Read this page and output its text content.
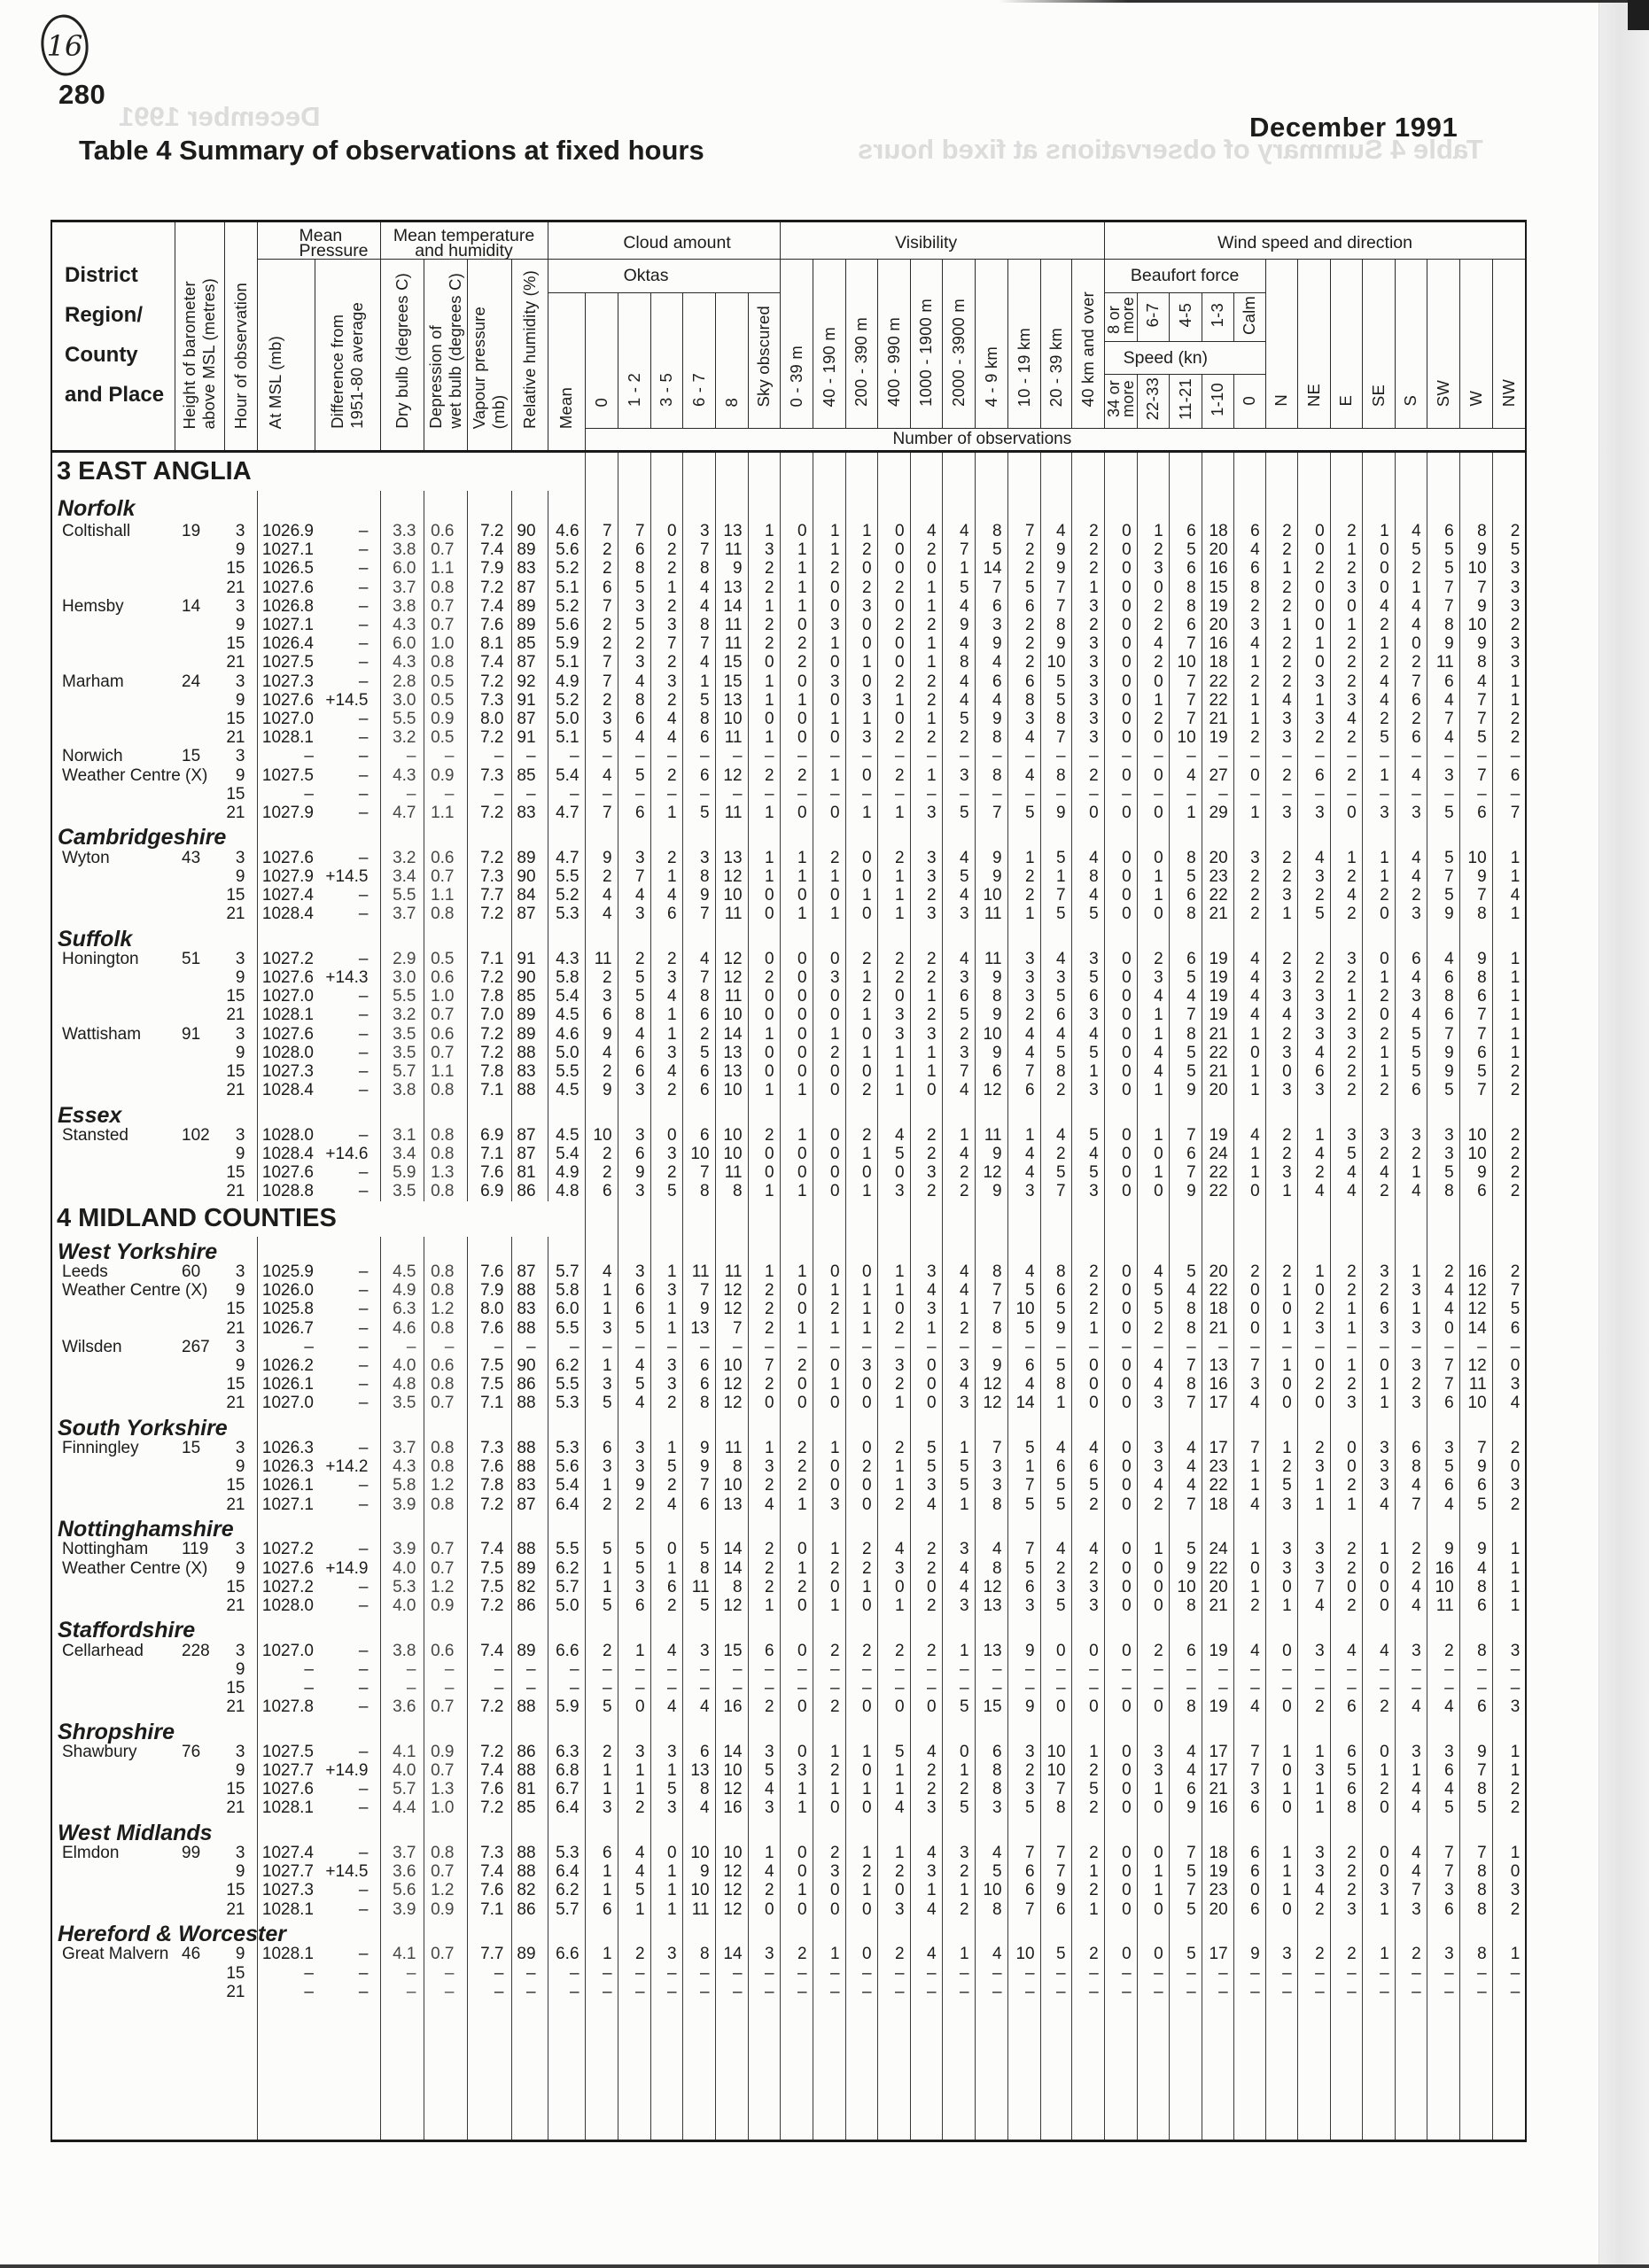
December 1991
Table 4 Summary of observations at fixed hours
16
280
Table 4 Summary of observations at fixed hours
December 1991
District
Region/
County
and Place	Height of barometer above MSL (metres)	Hour of observation

Mean
Pressure

Mean temperature
and humidity	Cloud amount	Visibility	Wind speed and direction

			At MSL (mb)	Difference from 1951-80 average	Dry bulb (degrees C)	Depression of wet bulb (degrees C)	Vapour pressure (mb)	Relative humidity (%)	Oktas							0 - 39 m	40 - 190 m	200 - 390 m	400 - 990 m	1000 - 1900 m	2000 - 3900 m	4 - 9 km	10 - 19 km	20 - 39 km	40 km and over	Beaufort force					N	NE	E	SE	S	SW	W	NW

									Mean	0	1 - 2	3 - 5	6 - 7	8	Sky obscured											8 or
more	6-7	4-5	1-3	Calm								

																										Speed (kn)												

																										34 or
more	22-33	11-21	1-10	0								

										Number of observations																												
3 EAST ANGLIA																																						
Norfolk																																						
Coltishall	19	3	1026.9	–	3.3	0.6	7.2	90	4.6	7	7	0	3	13	1	0	1	1	0	4	4	8	7	4	2	0	1	6	18	6	2	0	2	1	4	6	8	2
		9	1027.1	–	3.8	0.7	7.4	89	5.6	2	6	2	7	11	3	1	1	2	0	2	7	5	2	9	2	0	2	5	20	4	2	0	1	0	5	5	9	5
		15	1026.5	–	6.0	1.1	7.9	83	5.2	2	8	2	8	9	2	1	2	0	0	0	1	14	2	9	2	0	3	6	16	6	1	2	2	0	2	5	10	3
		21	1027.6	–	3.7	0.8	7.2	87	5.1	6	5	1	4	13	2	1	0	2	2	1	5	7	5	7	1	0	0	8	15	8	2	0	3	0	1	7	7	3
Hemsby	14	3	1026.8	–	3.8	0.7	7.4	89	5.2	7	3	2	4	14	1	1	0	3	0	1	4	6	6	7	3	0	2	8	19	2	2	0	0	4	4	7	9	3
		9	1027.1	–	4.3	0.7	7.6	89	5.6	2	5	3	8	11	2	0	3	0	2	2	9	3	2	8	2	0	2	6	20	3	1	0	1	2	4	8	10	2
		15	1026.4	–	6.0	1.0	8.1	85	5.9	2	2	7	7	11	2	2	1	0	0	1	4	9	2	9	3	0	4	7	16	4	2	1	2	1	0	9	9	3
		21	1027.5	–	4.3	0.8	7.4	87	5.1	7	3	2	4	15	0	2	0	1	0	1	8	4	2	10	3	0	2	10	18	1	2	0	2	2	2	11	8	3
Marham	24	3	1027.3	–	2.8	0.5	7.2	92	4.9	7	4	3	1	15	1	0	3	0	2	2	4	6	6	5	3	0	0	7	22	2	2	3	2	4	7	6	4	1
		9	1027.6	+14.5	3.0	0.5	7.3	91	5.2	2	8	2	5	13	1	1	0	3	1	2	4	4	8	5	3	0	1	7	22	1	4	1	3	4	6	4	7	1
		15	1027.0	–	5.5	0.9	8.0	87	5.0	3	6	4	8	10	0	0	1	1	0	1	5	9	3	8	3	0	2	7	21	1	3	3	4	2	2	7	7	2
		21	1028.1	–	3.2	0.5	7.2	91	5.1	5	4	4	6	11	1	0	0	3	2	2	2	8	4	7	3	0	0	10	19	2	3	2	2	5	6	4	5	2
Norwich	15	3	–	–	–	–	–	–	–	–	–	–	–	–	–	–	–	–	–	–	–	–	–	–	–	–	–	–	–	–	–	–	–	–	–	–	–	–
Weather Centre (X)		9	1027.5	–	4.3	0.9	7.3	85	5.4	4	5	2	6	12	2	2	1	0	2	1	3	8	4	8	2	0	0	4	27	0	2	6	2	1	4	3	7	6
		15	–	–	–	–	–	–	–	–	–	–	–	–	–	–	–	–	–	–	–	–	–	–	–	–	–	–	–	–	–	–	–	–	–	–	–	–
		21	1027.9	–	4.7	1.1	7.2	83	4.7	7	6	1	5	11	1	0	0	1	1	3	5	7	5	9	0	0	0	1	29	1	3	3	0	3	3	5	6	7
Cambridgeshire																																						
Wyton	43	3	1027.6	–	3.2	0.6	7.2	89	4.7	9	3	2	3	13	1	1	2	0	2	3	4	9	1	5	4	0	0	8	20	3	2	4	1	1	4	5	10	1
		9	1027.9	+14.5	3.4	0.7	7.3	90	5.5	2	7	1	8	12	1	1	1	0	1	3	5	9	2	1	8	0	1	5	23	2	2	3	2	1	4	7	9	1
		15	1027.4	–	5.5	1.1	7.7	84	5.2	4	4	4	9	10	0	0	0	1	1	2	4	10	2	7	4	0	1	6	22	2	3	2	4	2	2	5	7	4
		21	1028.4	–	3.7	0.8	7.2	87	5.3	4	3	6	7	11	0	1	1	0	1	3	3	11	1	5	5	0	0	8	21	2	1	5	2	0	3	9	8	1
Suffolk																																						
Honington	51	3	1027.2	–	2.9	0.5	7.1	91	4.3	11	2	2	4	12	0	0	0	2	2	2	4	11	3	4	3	0	2	6	19	4	2	2	3	0	6	4	9	1
		9	1027.6	+14.3	3.0	0.6	7.2	90	5.8	2	5	3	7	12	2	0	3	1	2	2	3	9	3	3	5	0	3	5	19	4	3	2	2	1	4	6	8	1
		15	1027.0	–	5.5	1.0	7.8	85	5.4	3	5	4	8	11	0	0	0	2	0	1	6	8	3	5	6	0	4	4	19	4	3	3	1	2	3	8	6	1
		21	1028.1	–	3.2	0.7	7.0	89	4.5	6	8	1	6	10	0	0	0	1	3	2	5	9	2	6	3	0	1	7	19	4	4	3	2	0	4	6	7	1
Wattisham	91	3	1027.6	–	3.5	0.6	7.2	89	4.6	9	4	1	2	14	1	0	1	0	3	3	2	10	4	4	4	0	1	8	21	1	2	3	3	2	5	7	7	1
		9	1028.0	–	3.5	0.7	7.2	88	5.0	4	6	3	5	13	0	0	2	1	1	1	3	9	4	5	5	0	4	5	22	0	3	4	2	1	5	9	6	1
		15	1027.3	–	5.7	1.1	7.8	83	5.5	2	6	4	6	13	0	0	0	0	1	1	7	6	7	8	1	0	4	5	21	1	0	6	2	1	5	9	5	2
		21	1028.4	–	3.8	0.8	7.1	88	4.5	9	3	2	6	10	1	1	0	2	1	0	4	12	6	2	3	0	1	9	20	1	3	3	2	2	6	5	7	2
Essex																																						
Stansted	102	3	1028.0	–	3.1	0.8	6.9	87	4.5	10	3	0	6	10	2	1	0	2	4	2	1	11	1	4	5	0	1	7	19	4	2	1	3	3	3	3	10	2
		9	1028.4	+14.6	3.4	0.8	7.1	87	5.4	2	6	3	10	10	0	0	0	1	5	2	4	9	4	2	4	0	0	6	24	1	2	4	5	2	2	3	10	2
		15	1027.6	–	5.9	1.3	7.6	81	4.9	2	9	2	7	11	0	0	0	0	0	3	2	12	4	5	5	0	1	7	22	1	3	2	4	4	1	5	9	2
		21	1028.8	–	3.5	0.8	6.9	86	4.8	6	3	5	8	8	1	1	0	1	3	2	2	9	3	7	3	0	0	9	22	0	1	4	4	2	4	8	6	2
4 MIDLAND COUNTIES																																						
West Yorkshire																																						
Leeds	60	3	1025.9	–	4.5	0.8	7.6	87	5.7	4	3	1	11	11	1	1	0	0	1	3	4	8	4	8	2	0	4	5	20	2	2	1	2	3	1	2	16	2
Weather Centre (X)		9	1026.0	–	4.9	0.8	7.9	88	5.8	1	6	3	7	12	2	0	1	1	1	4	4	7	5	6	2	0	5	4	22	0	1	0	2	2	3	4	12	7
		15	1025.8	–	6.3	1.2	8.0	83	6.0	1	6	1	9	12	2	0	2	1	0	3	1	7	10	5	2	0	5	8	18	0	0	2	1	6	1	4	12	5
		21	1026.7	–	4.6	0.8	7.6	88	5.5	3	5	1	13	7	2	1	1	1	2	1	2	8	5	9	1	0	2	8	21	0	1	3	1	3	3	0	14	6
Wilsden	267	3	–	–	–	–	–	–	–	–	–	–	–	–	–	–	–	–	–	–	–	–	–	–	–	–	–	–	–	–	–	–	–	–	–	–	–	–
		9	1026.2	–	4.0	0.6	7.5	90	6.2	1	4	3	6	10	7	2	0	3	3	0	3	9	6	5	0	0	4	7	13	7	1	0	1	0	3	7	12	0
		15	1026.1	–	4.8	0.8	7.5	86	5.5	3	5	3	6	12	2	0	1	0	2	0	4	12	4	8	0	0	4	8	16	3	0	2	2	1	2	7	11	3
		21	1027.0	–	3.5	0.7	7.1	88	5.3	5	4	2	8	12	0	0	0	0	1	0	3	12	14	1	0	0	3	7	17	4	0	0	3	1	3	6	10	4
South Yorkshire																																						
Finningley	15	3	1026.3	–	3.7	0.8	7.3	88	5.3	6	3	1	9	11	1	2	1	0	2	5	1	7	5	4	4	0	3	4	17	7	1	2	0	3	6	3	7	2
		9	1026.3	+14.2	4.3	0.8	7.6	88	5.6	3	3	5	9	8	3	2	0	2	1	5	5	3	1	6	6	0	3	4	23	1	2	3	0	3	8	5	9	0
		15	1026.1	–	5.8	1.2	7.8	83	5.4	1	9	2	7	10	2	2	0	0	1	3	5	3	7	5	5	0	4	4	22	1	5	1	2	3	4	6	6	3
		21	1027.1	–	3.9	0.8	7.2	87	6.4	2	2	4	6	13	4	1	3	0	2	4	1	8	5	5	2	0	2	7	18	4	3	1	1	4	7	4	5	2
Nottinghamshire																																						
Nottingham	119	3	1027.2	–	3.9	0.7	7.4	88	5.5	5	5	0	5	14	2	0	1	2	4	2	3	4	7	4	4	0	1	5	24	1	3	3	2	1	2	9	9	1
Weather Centre (X)		9	1027.6	+14.9	4.0	0.7	7.5	89	6.2	1	5	1	8	14	2	1	2	2	3	2	4	8	5	2	2	0	0	9	22	0	3	3	2	0	2	16	4	1
		15	1027.2	–	5.3	1.2	7.5	82	5.7	1	3	6	11	8	2	2	0	1	0	0	4	12	6	3	3	0	0	10	20	1	0	7	0	0	4	10	8	1
		21	1028.0	–	4.0	0.9	7.2	86	5.0	5	6	2	5	12	1	0	1	0	1	2	3	13	3	5	3	0	0	8	21	2	1	4	2	0	4	11	6	1
Staffordshire																																						
Cellarhead	228	3	1027.0	–	3.8	0.6	7.4	89	6.6	2	1	4	3	15	6	0	2	2	2	2	1	13	9	0	0	0	2	6	19	4	0	3	4	4	3	2	8	3
		9	–	–	–	–	–	–	–	–	–	–	–	–	–	–	–	–	–	–	–	–	–	–	–	–	–	–	–	–	–	–	–	–	–	–	–	–
		15	–	–	–	–	–	–	–	–	–	–	–	–	–	–	–	–	–	–	–	–	–	–	–	–	–	–	–	–	–	–	–	–	–	–	–	–
		21	1027.8	–	3.6	0.7	7.2	88	5.9	5	0	4	4	16	2	0	2	0	0	0	5	15	9	0	0	0	0	8	19	4	0	2	6	2	4	4	6	3
Shropshire																																						
Shawbury	76	3	1027.5	–	4.1	0.9	7.2	86	6.3	2	3	3	6	14	3	0	1	1	5	4	0	6	3	10	1	0	3	4	17	7	1	1	6	0	3	3	9	1
		9	1027.7	+14.9	4.0	0.7	7.4	88	6.8	1	1	1	13	10	5	3	2	0	1	2	1	8	2	10	2	0	3	4	17	7	0	3	5	1	1	6	7	1
		15	1027.6	–	5.7	1.3	7.6	81	6.7	1	1	5	8	12	4	1	1	1	1	2	2	8	3	7	5	0	1	6	21	3	1	1	6	2	4	4	8	2
		21	1028.1	–	4.4	1.0	7.2	85	6.4	3	2	3	4	16	3	1	0	0	4	3	5	3	5	8	2	0	0	9	16	6	0	1	8	0	4	5	5	2
West Midlands																																						
Elmdon	99	3	1027.4	–	3.7	0.8	7.3	88	5.3	6	4	0	10	10	1	0	2	1	1	4	3	4	7	7	2	0	0	7	18	6	1	3	2	0	4	7	7	1
		9	1027.7	+14.5	3.6	0.7	7.4	88	6.4	1	4	1	9	12	4	0	3	2	2	3	2	5	6	7	1	0	1	5	19	6	1	3	2	0	4	7	8	0
		15	1027.3	–	5.6	1.2	7.6	82	6.2	1	5	1	10	12	2	1	0	1	0	1	1	10	6	9	2	0	1	7	23	0	1	4	2	3	7	3	8	3
		21	1028.1	–	3.9	0.9	7.1	86	5.7	6	1	1	11	12	0	0	0	0	3	4	2	8	7	6	1	0	0	5	20	6	0	2	3	1	3	6	8	2
Hereford & Worcester																																						
Great Malvern	46	9	1028.1	–	4.1	0.7	7.7	89	6.6	1	2	3	8	14	3	2	1	0	2	4	1	4	10	5	2	0	0	5	17	9	3	2	2	1	2	3	8	1
		15	–	–	–	–	–	–	–	–	–	–	–	–	–	–	–	–	–	–	–	–	–	–	–	–	–	–	–	–	–	–	–	–	–	–	–	–
		21	–	–	–	–	–	–	–	–	–	–	–	–	–	–	–	–	–	–	–	–	–	–	–	–	–	–	–	–	–	–	–	–	–	–	–	–
